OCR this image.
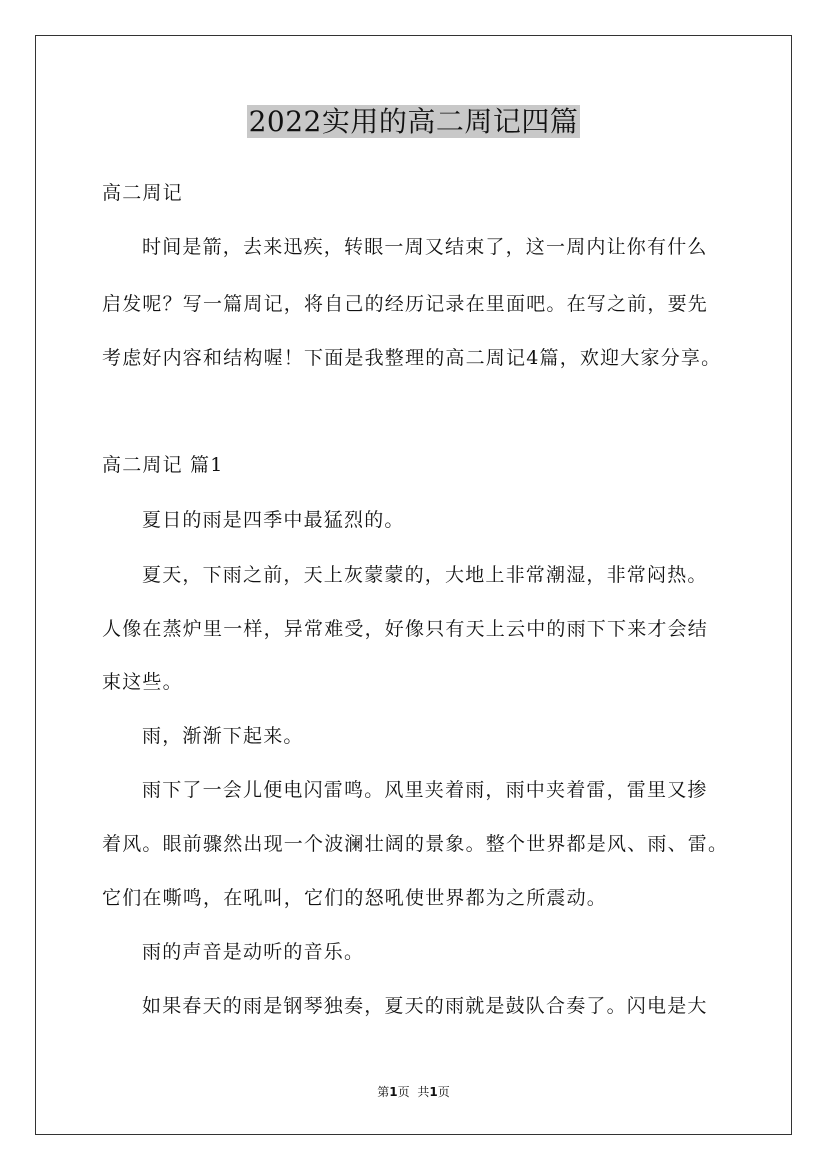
2022实用的高二周记四篇

高二周记

时间是箭，去来迅疾，转眼一周又结束了，这一周内让你有什么

启发呢？写一篇周记，将自己的经历记录在里面吧。在写之前，要先

考虑好内容和结构喔！下面是我整理的高二周记4篇，欢迎大家分享。

高二周记 篇1

夏日的雨是四季中最猛烈的。

夏天，下雨之前，天上灰蒙蒙的，大地上非常潮湿，非常闷热。

人像在蒸炉里一样，异常难受，好像只有天上云中的雨下下来才会结

束这些。

雨，渐渐下起来。

雨下了一会儿便电闪雷鸣。风里夹着雨，雨中夹着雷，雷里又掺

着风。眼前骤然出现一个波澜壮阔的景象。整个世界都是风、雨、雷。

它们在嘶鸣，在吼叫，它们的怒吼使世界都为之所震动。

雨的声音是动听的音乐。

如果春天的雨是钢琴独奏，夏天的雨就是鼓队合奏了。闪电是大

第1页 共1页
